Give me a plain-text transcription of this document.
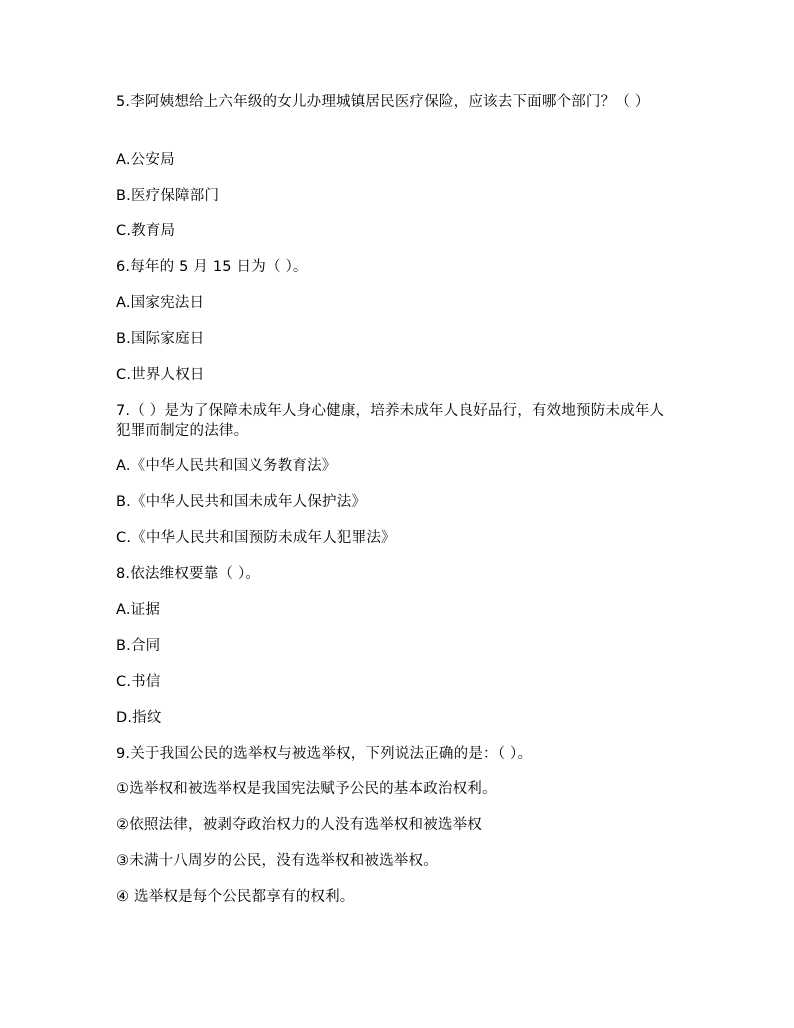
5.李阿姨想给上六年级的女儿办理城镇居民医疗保险，应该去下面哪个部门？（ ）
A.公安局
B.医疗保障部门
C.教育局
6.每年的 5 月 15 日为（ ）。
A.国家宪法日
B.国际家庭日
C.世界人权日
7.（ ）是为了保障未成年人身心健康，培养未成年人良好品行，有效地预防未成年人犯罪而制定的法律。
A.《中华人民共和国义务教育法》
B.《中华人民共和国未成年人保护法》
C.《中华人民共和国预防未成年人犯罪法》
8.依法维权要靠（ ）。
A.证据
B.合同
C.书信
D.指纹
9.关于我国公民的选举权与被选举权，下列说法正确的是：（ ）。
①选举权和被选举权是我国宪法赋予公民的基本政治权利。
②依照法律，被剥夺政治权力的人没有选举权和被选举权
③未满十八周岁的公民，没有选举权和被选举权。
④ 选举权是每个公民都享有的权利。
